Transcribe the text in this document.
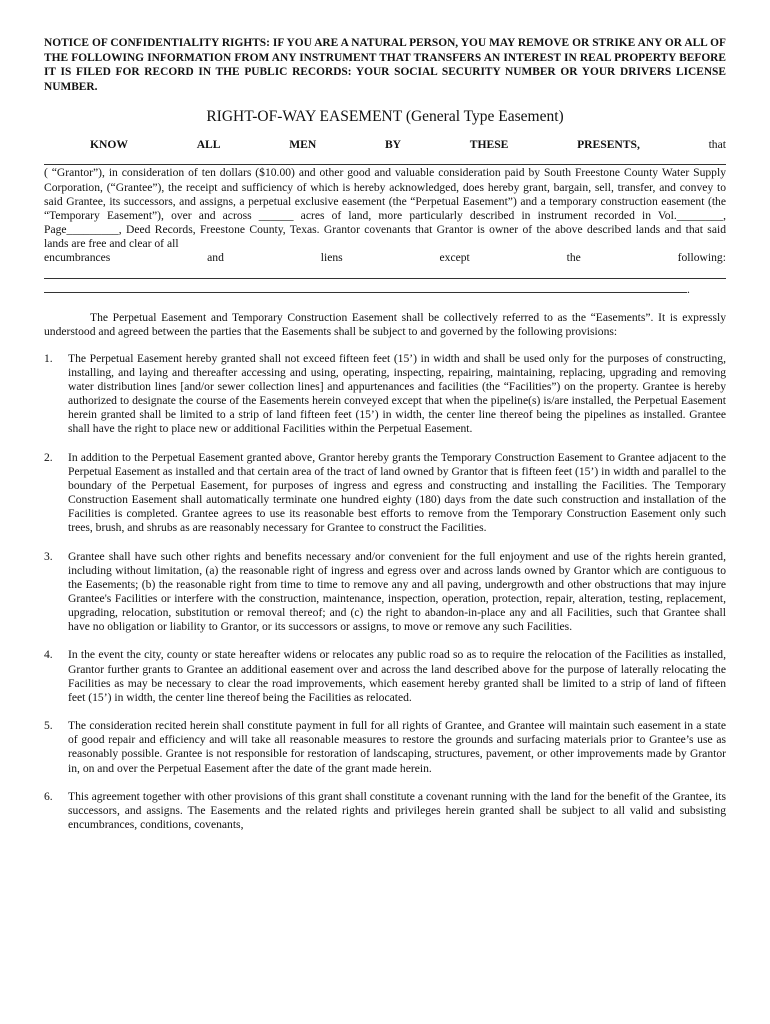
NOTICE OF CONFIDENTIALITY RIGHTS: IF YOU ARE A NATURAL PERSON, YOU MAY REMOVE OR STRIKE ANY OR ALL OF THE FOLLOWING INFORMATION FROM ANY INSTRUMENT THAT TRANSFERS AN INTEREST IN REAL PROPERTY BEFORE IT IS FILED FOR RECORD IN THE PUBLIC RECORDS: YOUR SOCIAL SECURITY NUMBER OR YOUR DRIVERS LICENSE NUMBER.

RIGHT-OF-WAY EASEMENT (General Type Easement)
KNOW	ALL	MEN	BY	THESE	PRESENTS,	that

( “Grantor”), in consideration of ten dollars ($10.00) and other good and valuable consideration paid by South Freestone County Water Supply Corporation, (“Grantee”), the receipt and sufficiency of which is hereby acknowledged, does hereby grant, bargain, sell, transfer, and convey to said Grantee, its successors, and assigns, a perpetual exclusive easement (the “Perpetual Easement”) and a temporary construction easement (the “Temporary Easement”), over and across ______ acres of land, more particularly described in instrument recorded in Vol.________, Page_________, Deed Records, Freestone County, Texas. Grantor covenants that Grantor is owner of the above described lands and that said lands are free and clear of all

encumbrances	and	liens	except	the	following:
.

The Perpetual Easement and Temporary Construction Easement shall be collectively referred to as the “Easements”. It is expressly understood and agreed between the parties that the Easements shall be subject to and governed by the following provisions:

1.	The Perpetual Easement hereby granted shall not exceed fifteen feet (15’) in width and shall be used only for the purposes of constructing, installing, and laying and thereafter accessing and using, operating, inspecting, repairing, maintaining, replacing, upgrading and removing water distribution lines [and/or sewer collection lines] and appurtenances and facilities (the “Facilities”) on the property. Grantee is hereby authorized to designate the course of the Easements herein conveyed except that when the pipeline(s) is/are installed, the Perpetual Easement herein granted shall be limited to a strip of land fifteen feet (15’) in width, the center line thereof being the pipelines as installed. Grantee shall have the right to place new or additional Facilities within the Perpetual Easement.

2.	In addition to the Perpetual Easement granted above, Grantor hereby grants the Temporary Construction Easement to Grantee adjacent to the Perpetual Easement as installed and that certain area of the tract of land owned by Grantor that is fifteen feet (15’) in width and parallel to the boundary of the Perpetual Easement, for purposes of ingress and egress and constructing and installing the Facilities. The Temporary Construction Easement shall automatically terminate one hundred eighty (180) days from the date such construction and installation of the Facilities is completed. Grantee agrees to use its reasonable best efforts to remove from the Temporary Construction Easement only such trees, brush, and shrubs as are reasonably necessary for Grantee to construct the Facilities.

3.	Grantee shall have such other rights and benefits necessary and/or convenient for the full enjoyment and use of the rights herein granted, including without limitation, (a) the reasonable right of ingress and egress over and across lands owned by Grantor which are contiguous to the Easements; (b) the reasonable right from time to time to remove any and all paving, undergrowth and other obstructions that may injure Grantee's Facilities or interfere with the construction, maintenance, inspection, operation, protection, repair, alteration, testing, replacement, upgrading, relocation, substitution or removal thereof; and (c) the right to abandon-in-place any and all Facilities, such that Grantee shall have no obligation or liability to Grantor, or its successors or assigns, to move or remove any such Facilities.

4.	In the event the city, county or state hereafter widens or relocates any public road so as to require the relocation of the Facilities as installed, Grantor further grants to Grantee an additional easement over and across the land described above for the purpose of laterally relocating the Facilities as may be necessary to clear the road improvements, which easement hereby granted shall be limited to a strip of land of fifteen feet (15’) in width, the center line thereof being the Facilities as relocated.

5.	The consideration recited herein shall constitute payment in full for all rights of Grantee, and Grantee will maintain such easement in a state of good repair and efficiency and will take all reasonable measures to restore the grounds and surfacing materials prior to Grantee’s use as reasonably possible. Grantee is not responsible for restoration of landscaping, structures, pavement, or other improvements made by Grantor in, on and over the Perpetual Easement after the date of the grant made herein.

6.	This agreement together with other provisions of this grant shall constitute a covenant running with the land for the benefit of the Grantee, its successors, and assigns. The Easements and the related rights and privileges herein granted shall be subject to all valid and subsisting encumbrances, conditions, covenants,
